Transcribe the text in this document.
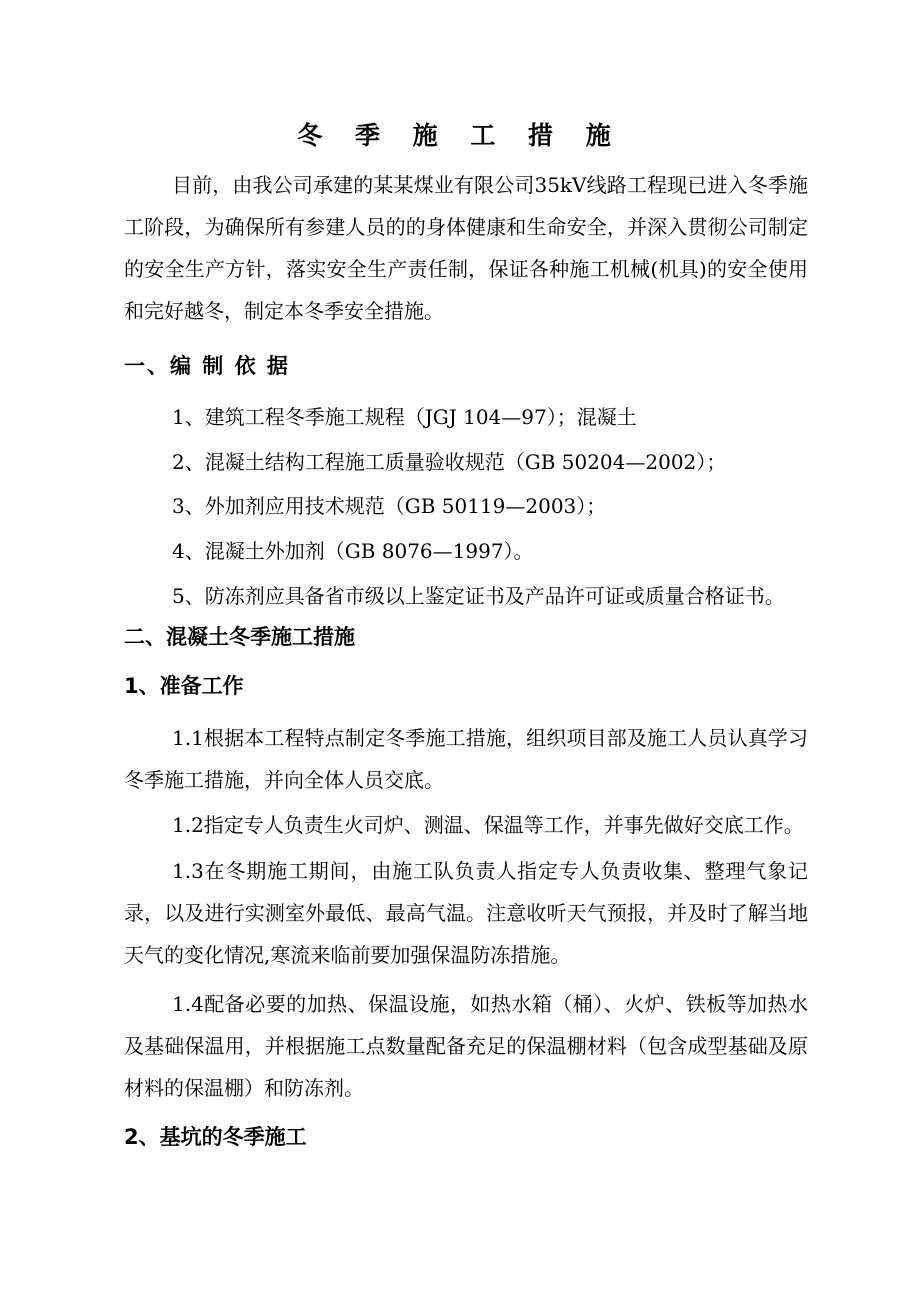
冬 季 施 工 措 施

目前，由我公司承建的某某煤业有限公司35kV线路工程现已进入冬季施工阶段，为确保所有参建人员的的身体健康和生命安全，并深入贯彻公司制定的安全生产方针，落实安全生产责任制，保证各种施工机械(机具)的安全使用和完好越冬，制定本冬季安全措施。

一、编 制 依 据

1、建筑工程冬季施工规程（JGJ 104—97）；混凝土

2、混凝土结构工程施工质量验收规范（GB 50204—2002）；

3、外加剂应用技术规范（GB 50119—2003）；

4、混凝土外加剂（GB 8076—1997）。

5、防冻剂应具备省市级以上鉴定证书及产品许可证或质量合格证书。

二、混凝土冬季施工措施
1、准备工作

1.1根据本工程特点制定冬季施工措施，组织项目部及施工人员认真学习冬季施工措施，并向全体人员交底。

1.2指定专人负责生火司炉、测温、保温等工作，并事先做好交底工作。

1.3在冬期施工期间，由施工队负责人指定专人负责收集、整理气象记录，以及进行实测室外最低、最高气温。注意收听天气预报，并及时了解当地天气的变化情况,寒流来临前要加强保温防冻措施。

1.4配备必要的加热、保温设施，如热水箱（桶）、火炉、铁板等加热水及基础保温用，并根据施工点数量配备充足的保温棚材料（包含成型基础及原材料的保温棚）和防冻剂。

2、基坑的冬季施工
